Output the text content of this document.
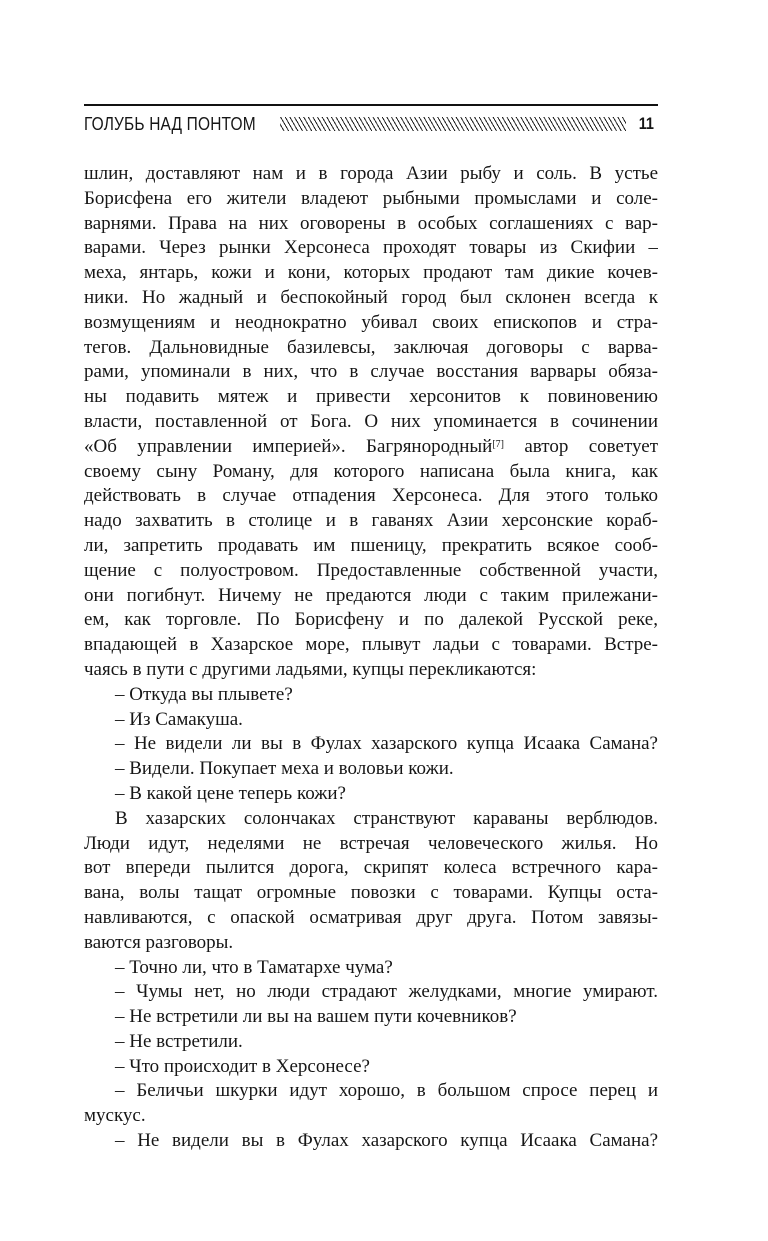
ГОЛУБЬ НАД ПОНТОМ	11
шлин, доставляют нам и в города Азии рыбу и соль. В устье
Борисфена его жители владеют рыбными промыслами и соле-
варнями. Права на них оговорены в особых соглашениях с вар-
варами. Через рынки Херсонеса проходят товары из Скифии –
меха, янтарь, кожи и кони, которых продают там дикие кочев-
ники. Но жадный и беспокойный город был склонен всегда к
возмущениям и неоднократно убивал своих епископов и стра-
тегов. Дальновидные базилевсы, заключая договоры с варва-
рами, упоминали в них, что в случае восстания варвары обяза-
ны подавить мятеж и привести херсонитов к повиновению
власти, поставленной от Бога. О них упоминается в сочинении
«Об управлении империей». Багрянородный[7] автор советует
своему сыну Роману, для которого написана была книга, как
действовать в случае отпадения Херсонеса. Для этого только
надо захватить в столице и в гаванях Азии херсонские кораб-
ли, запретить продавать им пшеницу, прекратить всякое сооб-
щение с полуостровом. Предоставленные собственной участи,
они погибнут. Ничему не предаются люди с таким прилежани-
ем, как торговле. По Борисфену и по далекой Русской реке,
впадающей в Хазарское море, плывут ладьи с товарами. Встре-
чаясь в пути с другими ладьями, купцы перекликаются:
– Откуда вы плывете?
– Из Самакуша.
– Не видели ли вы в Фулах хазарского купца Исаака Самана?
– Видели. Покупает меха и воловьи кожи.
– В какой цене теперь кожи?
В хазарских солончаках странствуют караваны верблюдов.
Люди идут, неделями не встречая человеческого жилья. Но
вот впереди пылится дорога, скрипят колеса встречного кара-
вана, волы тащат огромные повозки с товарами. Купцы оста-
навливаются, с опаской осматривая друг друга. Потом завязы-
ваются разговоры.
– Точно ли, что в Таматархе чума?
– Чумы нет, но люди страдают желудками, многие умирают.
– Не встретили ли вы на вашем пути кочевников?
– Не встретили.
– Что происходит в Херсонесе?
– Беличьи шкурки идут хорошо, в большом спросе перец и
мускус.
– Не видели вы в Фулах хазарского купца Исаака Самана?
